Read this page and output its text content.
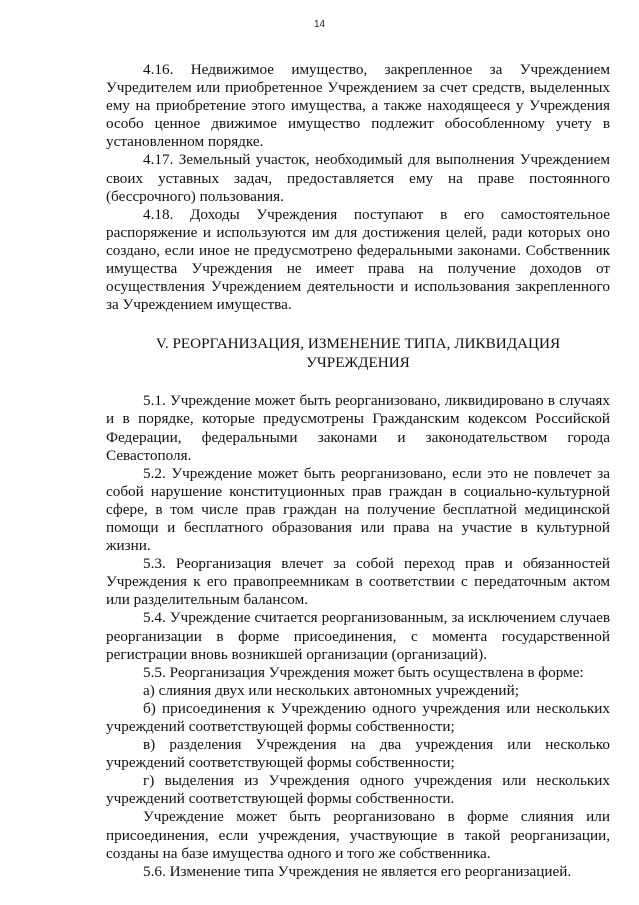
14

4.16. Недвижимое имущество, закрепленное за Учреждением Учредителем или приобретенное Учреждением за счет средств, выделенных ему на приобретение этого имущества, а также находящееся у Учреждения особо ценное движимое имущество подлежит обособленному учету в установленном порядке.

4.17. Земельный участок, необходимый для выполнения Учреждением своих уставных задач, предоставляется ему на праве постоянного (бессрочного) пользования.

4.18. Доходы Учреждения поступают в его самостоятельное распоряжение и используются им для достижения целей, ради которых оно создано, если иное не предусмотрено федеральными законами. Собственник имущества Учреждения не имеет права на получение доходов от осуществления Учреждением деятельности и использования закрепленного за Учреждением имущества.

V. РЕОРГАНИЗАЦИЯ, ИЗМЕНЕНИЕ ТИПА, ЛИКВИДАЦИЯ УЧРЕЖДЕНИЯ

5.1. Учреждение может быть реорганизовано, ликвидировано в случаях и в порядке, которые предусмотрены Гражданским кодексом Российской Федерации, федеральными законами и законодательством города Севастополя.

5.2. Учреждение может быть реорганизовано, если это не повлечет за собой нарушение конституционных прав граждан в социально-культурной сфере, в том числе прав граждан на получение бесплатной медицинской помощи и бесплатного образования или права на участие в культурной жизни.

5.3. Реорганизация влечет за собой переход прав и обязанностей Учреждения к его правопреемникам в соответствии с передаточным актом или разделительным балансом.

5.4. Учреждение считается реорганизованным, за исключением случаев реорганизации в форме присоединения, с момента государственной регистрации вновь возникшей организации (организаций).

5.5. Реорганизация Учреждения может быть осуществлена в форме:

а) слияния двух или нескольких автономных учреждений;

б) присоединения к Учреждению одного учреждения или нескольких учреждений соответствующей формы собственности;

в) разделения Учреждения на два учреждения или несколько учреждений соответствующей формы собственности;

г) выделения из Учреждения одного учреждения или нескольких учреждений соответствующей формы собственности.

Учреждение может быть реорганизовано в форме слияния или присоединения, если учреждения, участвующие в такой реорганизации, созданы на базе имущества одного и того же собственника.

5.6. Изменение типа Учреждения не является его реорганизацией.
